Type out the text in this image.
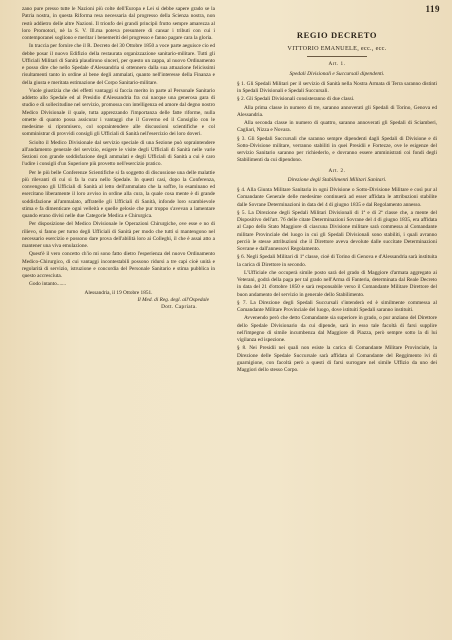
119

zano pure presso tutte le Nazioni più colte dell'Europa e Lei si debbe sapere grado se la Patria nostra, in questa Riforma resa necessaria dal progresso della Scienza nostra, non restò addietro delle altre Nazioni. Il trionfo dei grandi principii frutto sempre amarezza al loro Promotori, nè la S. V. Ill.ma poteva presumere di cansar i tributi con cui i contemporanei sogliono e meritar i benemeriti del progresso e fanno pagare cara la gloria.

In traccia per fornire che il R. Decreto del 30 Ottobre 1850 a voce parte aeguisce cio ed debbe posar il nuovo Edifizio della restaurata organizzazione sanitario-militare. Tutti gli Ufficiali Militari di Sanità plaudirono sinceri, per questo un zappa, al nuovo Ordinamento e posso dire che nello Spedale d'Alessandria si ottennero dalla sua attuazione felicissimi risultamenti tanto in ordine al bene degli ammalati, quanto nell'interesse della Finanza e della giusta e meritata estimazione del Corpo Sanitario-militare.

Vuole giustizia che dei effetti vantaggi si faccia merito in parte al Personale Sanitario addetto allo Spedale ed al Presidio d'Alessandria fra cui nacque una generosa gara di studio e di sollecitudine nel servizio, promossa con intelligenza ed amore dal degno nostro Medico Divisionale il quale, tutta apprezzando l'importanza delle fatte riforme, nulla omette di quanto possa assicurar i vantaggi che il Governo ed il Consiglio con le medesime si ripromisero, col sopraintendere alle discussioni scientifiche e col somministrar di provvidi consigli gli Ufficiali di Sanità nell'esercizio dei loro doveri.

Sciolto il Medico Divisionale dal servizio speciale di una Sezione può sopraintendere all'andamento generale del servizio, esigere le visite degli Ufficiali di Sanità nelle varie Sezioni con grande soddisfazione degli ammalati e degli Ufficiali di Sanità a cui è caro l'udire i consigli d'un Superiore più provetto nell'esercizio pratico.

Per le più belle Conferenze Scientifiche si fa soggetto di discussione una delle malattie più rilevanti di cui si fa la cura nello Spedale. In questi casi, dopo la Conferenza, convengono gli Ufficiali di Sanità al letto dell'ammalato che la soffre, lo esaminano ed esercitano liberamente il loro avviso in ordine alla cura, la quale cosa mente è di grande soddisfazione all'ammalato, affratelle gli Ufficiali di Sanità, infonde loro scambievole stima e fa dimenticare ogni velleità e quelle gelosie che pur troppo s'avevan a lamentare quando erano divisi nelle due Categorie Medica e Chirurgica.

Per disposizione del Medico Divisionale le Operazioni Chirurgiche, ove esse e no di rilievo, si fanno per turno degli Ufficiali di Sanità per modo che tutti si mantengono nel necessario esercizio e possono dare prova dell'abilità loro ai Colleghi, il che è assai atto a mantener una viva emulazione.

Quest'è il vero concetto ch'io mi sono fatto dietro l'esperienza del nuovo Ordinamento Medico-Chirurgico, di cui vantaggi incontestabili possono ridursi a tre capi cioè unità e regolarità di servizio, istruzione e concordia del Personale Sanitario e stima pubblica in questo accresciuta.

Godo intanto.......

Alessandria, il 19 Ottobre 1851.
Il Med. di Reg. degl. all'Ospedale
Dott. Capriata.
REGIO DECRETO
VITTORIO EMANUELE, ecc., ecc.
Art. 1.
Spedali Divisionali e Succursali dipendenti.

§ 1. Gli Spedali Militari per il servizio di Sanità nella Nostra Armata di Terra saranno distinti in Spedali Divisionali e Spedali Succursali.

§ 2. Gli Spedali Divisionali consisteranno di due classi.

Alla prima classe in numero di tre, saranno annoverati gli Spedali di Torino, Genova ed Alessandria.

Alla seconda classe in numero di quattro, saranno annoverati gli Spedali di Sciamberi, Cagliari, Nizza e Novara.

§ 3. Gli Spedali Succursali che saranno sempre dipendenti dagli Spedali di Divisione e di Sotto-Divisione militare, verranno stabiliti in quei Presidii e Fortezze, ove le esigenze del servizio Sanitario saranno per richiederlo, e dovranno essere amministrati coi fondi degli Stabilimenti da cui dipendono.

Art. 2.
Direzione degli Stabilimenti Militari Sanitari.

§ 4. Alla Giunta Militare Sanitaria in ogni Divisione o Sotto-Divisione Militare e così pur al Comandante Generale delle medesime continuerà ad esser affidata le attribuzioni stabilite dalle Sovrane Determinazioni in data del 4 di giugno 1835 e dal Regolamento annesso.

§ 5. La Direzione degli Spedali Militari Divisionali di 1ª e di 2ª classe che, a mente del Dispositivo dell'art. 76 delle citate Determinazioni Sovrane del 4 di giugno 1835, era affidata al Capo dello Stato Maggiore di ciascuna Divisione militare sarà commessa al Comandante militare Provinciale del luogo in cui gli Spedali Divisionali sono stabiliti, i quali avranno perciò le stesse attribuzioni che il Direttore aveva devolute dalle succitate Determinazioni Sovrane e dall'annessovi Regolamento.

§ 6. Negli Spedali Militari di 1ª classe, cioè di Torino di Genova e d'Alessandria sarà instituita la carica di Direttore in secondo.

L'Ufficiale che occuperà simile posto sarà del grado di Maggiore d'armata aggregato ai Veterani, godrà della paga per tal grado nell'Arma di Fanteria, determinata dal Reale Decreto in data del 21 d'ottobre 1850 e sarà responsabile verso il Comandante Militare Direttore del buon andamento del servizio in generale dello Stabilimento.

§ 7. La Direzione degli Spedali Succursali s'intenderà ed è similmente commessa al Comandante Militare Provinciale del luogo, dove istituiti Spedali saranno instituiti.

Avvenendo però che detto Comandante sia superiore in grado, o pur anziano del Direttore dello Spedale Divisionario da cui dipende, sarà in esso tale facoltà di farsi supplire nell'impegno di simile incumbenza dal Maggiore di Piazza, però sempre sotto la di lui vigilanza ed ispezione.

§ 8. Nei Presidii nei quali non esiste la carica di Comandante Militare Provinciale, la Direzione delle Spedale Succursale sarà affidata al Comandante del Reggimento ivi di guarnigione, con facoltà però a questi di farsi surrogare nel simile Uffizio da uno dei Maggiori dello stesso Corpo.
